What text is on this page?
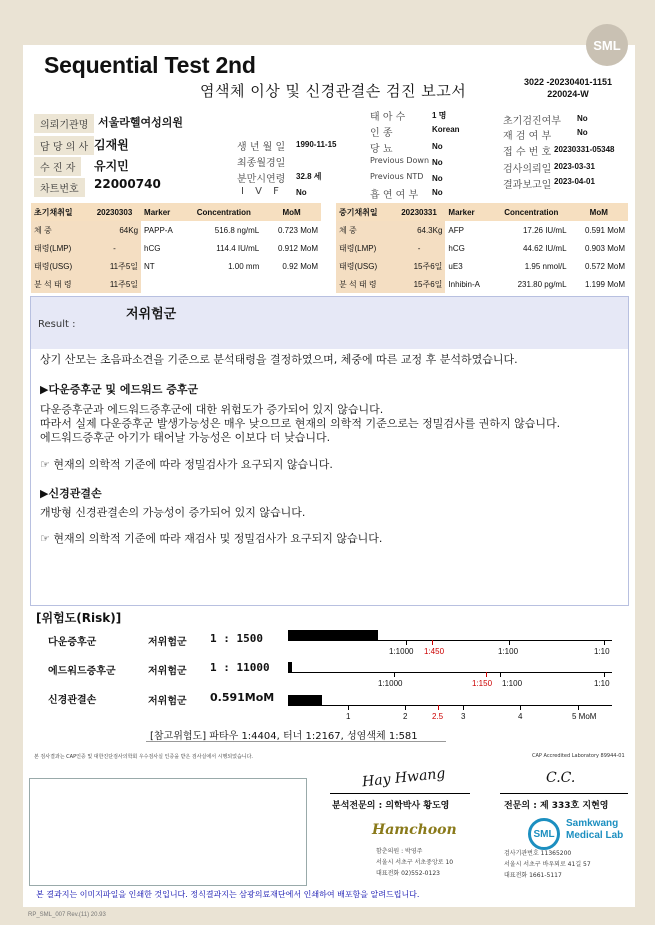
SML
Sequential Test 2nd
염색체 이상 및 신경관결손 검진 보고서	3022 -20230401-1151
220024-W
의뢰기관명 서울라헬여성의원
담 당 의 사 김재원
수 진 자	유지민
차트번호	22000740
생 년 월 일 1990-11-15
최종월경일
분만시연령 32.8 세
I V F No
태 아 수	1 명
인 종	Korean
당 뇨	No
Previous Down No
Previous NTD No
흡 연 여 부 No
초기검진여부 No
재 검 여 부	No
접 수 번 호 20230331-05348
검사의뢰일 2023-03-31
결과보고일 2023-04-01
초기채취일	20230303	Marker	Concentration	MoM
체 중	64Kg	PAPP-A	516.8 ng/mL	0.723 MoM
태령(LMP)	-	hCG	114.4 IU/mL	0.912 MoM
태령(USG)	11주5일	NT	1.00 mm	0.92 MoM
분 석 태 령	11주5일			
중기채취일	20230331	Marker	Concentration	MoM
체 중	64.3Kg	AFP	17.26 IU/mL	0.591 MoM
태령(LMP)	-	hCG	44.62 IU/mL	0.903 MoM
태령(USG)	15주6일	uE3	1.95 nmol/L	0.572 MoM
분 석 태 령	15주6일	Inhibin-A	231.80 pg/mL	1.199 MoM
Result :
저위험군
상기 산모는 초음파소견을 기준으로 분석태령을 결정하였으며, 체중에 따른 교정 후 분석하였습니다.
▶다운증후군 및 에드워드 증후군
다운증후군과 에드워드증후군에 대한 위험도가 증가되어 있지 않습니다.
따라서 실제 다운증후군 발생가능성은 매우 낮으므로 현재의 의학적 기준으로는 정밀검사를 권하지 않습니다.
에드워드증후군 아기가 태어날 가능성은 이보다 더 낮습니다.
☞ 현재의 의학적 기준에 따라 정밀검사가 요구되지 않습니다.
▶신경관결손
개방형 신경관결손의 가능성이 증가되어 있지 않습니다.
☞ 현재의 의학적 기준에 따라 재검사 및 정밀검사가 요구되지 않습니다.
[위험도(Risk)]
다운증후군	저위험군 1 : 1500
에드워드증후군	저위험군 1 : 11000
신경관결손	저위험군 0.591MoM
1:1000 1:450	1:100	1:10
1:1000	1:150 1:100	1:10
1	2	2.5 3	4	5 MoM
[참고위험도] 파타우 1:4404, 터너 1:2167, 성염색체 1:581
본 검사결과는 CAP인증 및 대한진단검사의학회 우수검사실 인증을 받은 검사실에서 시행되었습니다.	CAP Accredited Laboratory 89944-01
Hay Hwang
분석전문의 : 의학박사 황도영
C.C.
전문의 : 제 333호 지현영
Hamchoon
함춘의원 : 박영주
서울시 서초구 서초중앙로 10
대표전화 02)552-0123
SML
Samkwang Medical Lab
검사기관번호 11365200
서울시 서초구 바우뫼로 41길 57
대표전화 1661-5117
본 결과지는 이미지파일을 인쇄한 것입니다. 정식결과지는 삼광의료재단에서 인쇄하여 배포함을 알려드립니다.
RP_SML_007 Rev.(11) 20.93
